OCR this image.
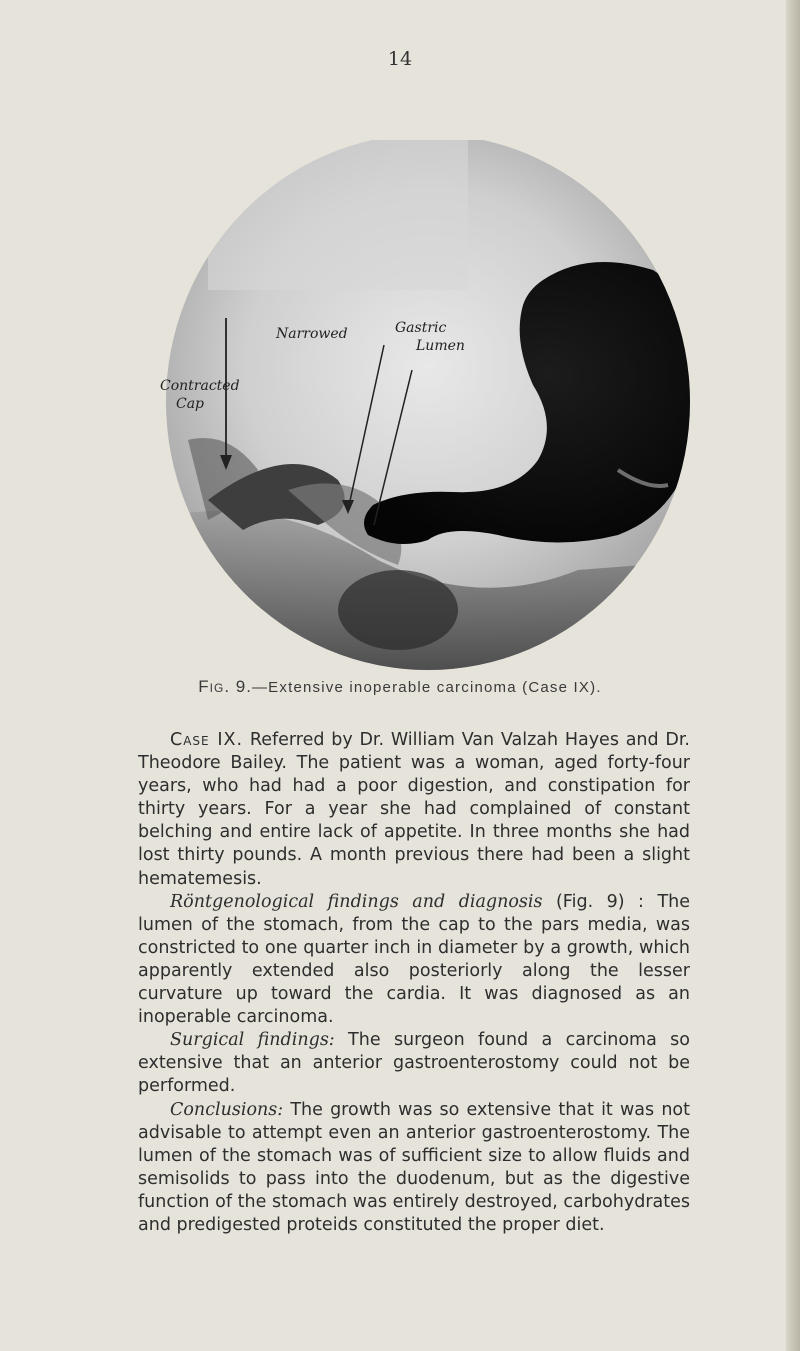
14
Narrowed	Gastric
Lumen
Contracted
Cap
Fig. 9.—Extensive inoperable carcinoma (Case IX).

Case IX. Referred by Dr. William Van Valzah Hayes and Dr. Theodore Bailey. The patient was a woman, aged forty-four years, who had had a poor digestion, and constipation for thirty years. For a year she had complained of constant belching and entire lack of appetite. In three months she had lost thirty pounds. A month previous there had been a slight hematemesis.

Röntgenological findings and diagnosis (Fig. 9) : The lumen of the stomach, from the cap to the pars media, was constricted to one quarter inch in diameter by a growth, which apparently extended also posteriorly along the lesser curvature up toward the cardia. It was diagnosed as an inoperable carcinoma.

Surgical findings: The surgeon found a carcinoma so extensive that an anterior gastroenterostomy could not be performed.

Conclusions: The growth was so extensive that it was not advisable to attempt even an anterior gastroenterostomy. The lumen of the stomach was of sufficient size to allow fluids and semisolids to pass into the duodenum, but as the digestive function of the stomach was entirely destroyed, carbohydrates and predigested proteids constituted the proper diet.
